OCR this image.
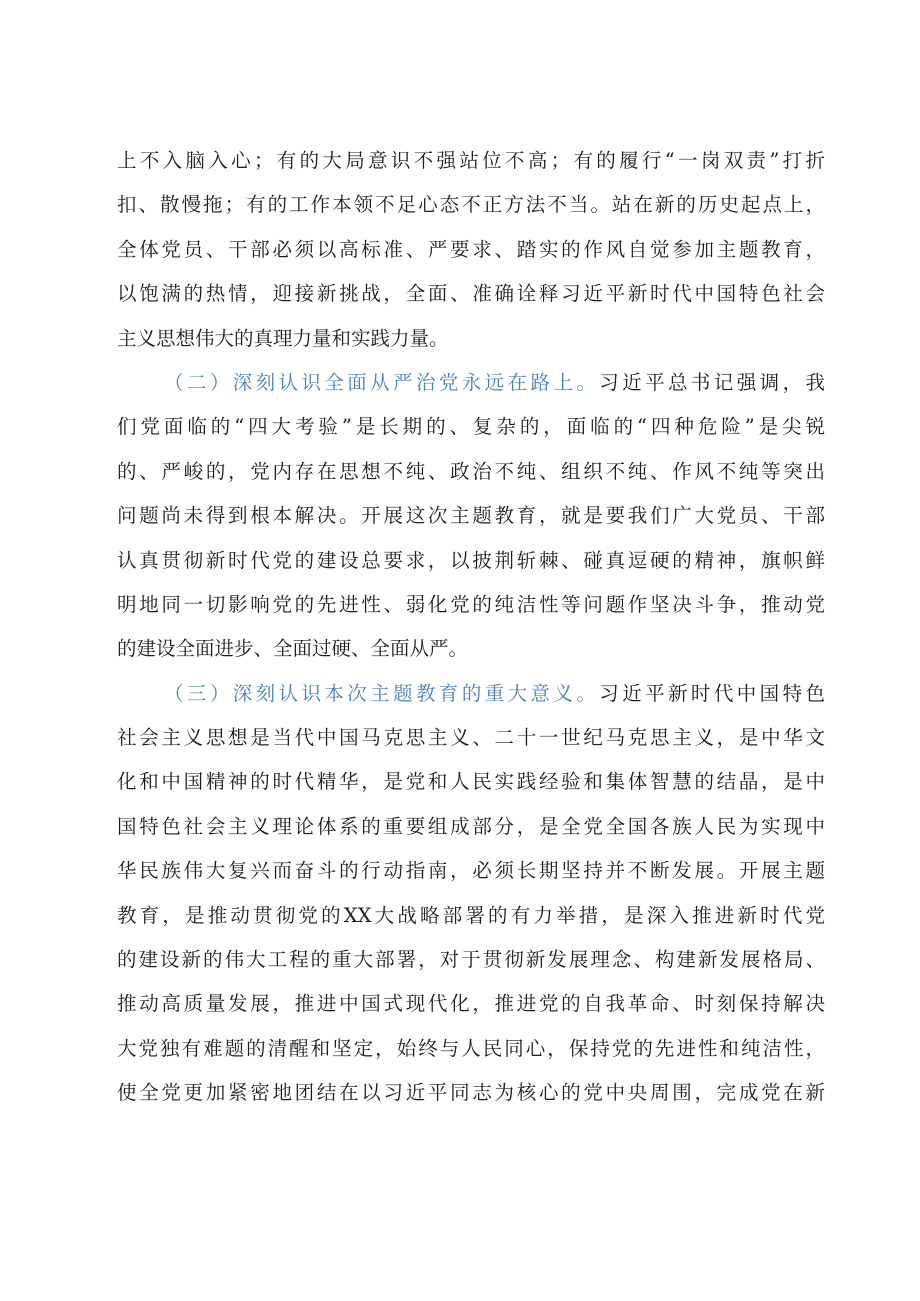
上不入脑入心；有的大局意识不强站位不高；有的履行“一岗双责”打折
扣、散慢拖；有的工作本领不足心态不正方法不当。站在新的历史起点上，
全体党员、干部必须以高标准、严要求、踏实的作风自觉参加主题教育，
以饱满的热情，迎接新挑战，全面、准确诠释习近平新时代中国特色社会
主义思想伟大的真理力量和实践力量。
（二）深刻认识全面从严治党永远在路上。习近平总书记强调，我
们党面临的“四大考验”是长期的、复杂的，面临的“四种危险”是尖锐
的、严峻的，党内存在思想不纯、政治不纯、组织不纯、作风不纯等突出
问题尚未得到根本解决。开展这次主题教育，就是要我们广大党员、干部
认真贯彻新时代党的建设总要求，以披荆斩棘、碰真逗硬的精神，旗帜鲜
明地同一切影响党的先进性、弱化党的纯洁性等问题作坚决斗争，推动党
的建设全面进步、全面过硬、全面从严。
（三）深刻认识本次主题教育的重大意义。习近平新时代中国特色
社会主义思想是当代中国马克思主义、二十一世纪马克思主义，是中华文
化和中国精神的时代精华，是党和人民实践经验和集体智慧的结晶，是中
国特色社会主义理论体系的重要组成部分，是全党全国各族人民为实现中
华民族伟大复兴而奋斗的行动指南，必须长期坚持并不断发展。开展主题
教育，是推动贯彻党的XX大战略部署的有力举措，是深入推进新时代党
的建设新的伟大工程的重大部署，对于贯彻新发展理念、构建新发展格局、
推动高质量发展，推进中国式现代化，推进党的自我革命、时刻保持解决
大党独有难题的清醒和坚定，始终与人民同心，保持党的先进性和纯洁性，
使全党更加紧密地团结在以习近平同志为核心的党中央周围，完成党在新
